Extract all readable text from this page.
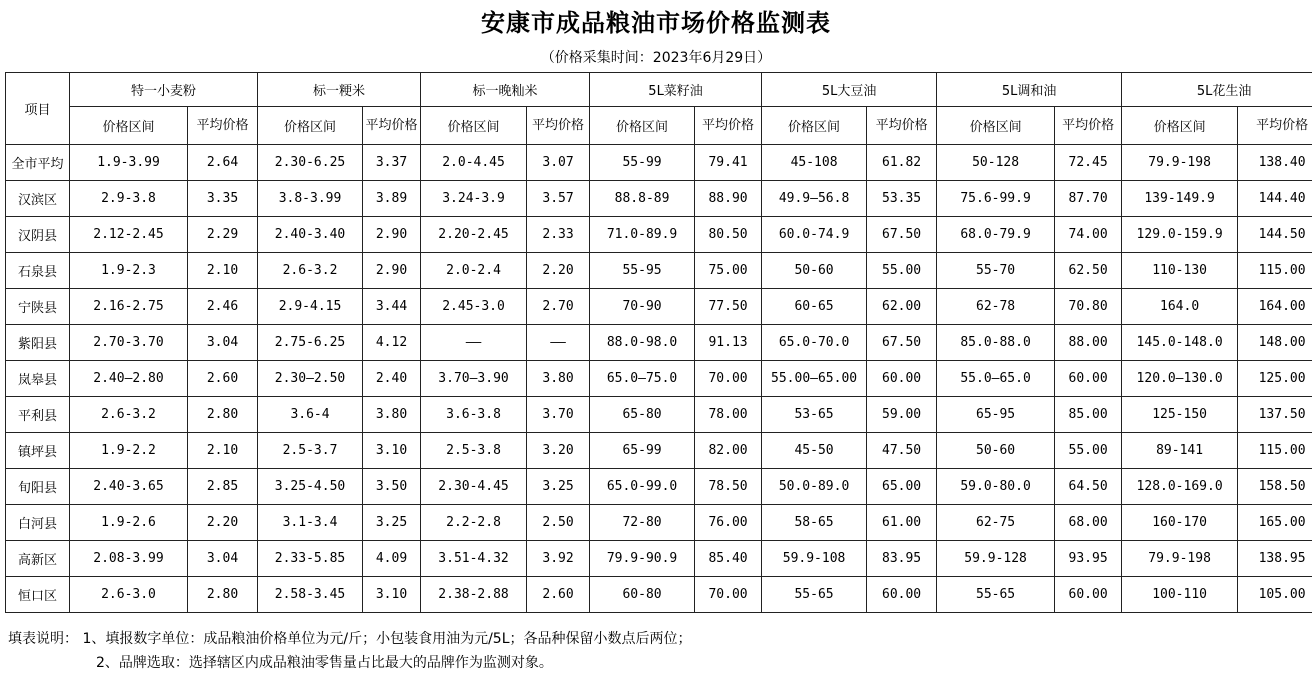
安康市成品粮油市场价格监测表
（价格采集时间：2023年6月29日）
项目	特一小麦粉		标一粳米		标一晚籼米		5L菜籽油		5L大豆油		5L调和油		5L花生油	
	价格区间	平均价格	价格区间	平均价格	价格区间	平均价格	价格区间	平均价格	价格区间	平均价格	价格区间	平均价格	价格区间	平均价格
全市平均	1.9-3.99	2.64	2.30-6.25	3.37	2.0-4.45	3.07	55-99	79.41	45-108	61.82	50-128	72.45	79.9-198	138.40
汉滨区	2.9-3.8	3.35	3.8-3.99	3.89	3.24-3.9	3.57	88.8-89	88.90	49.9—56.8	53.35	75.6-99.9	87.70	139-149.9	144.40
汉阴县	2.12-2.45	2.29	2.40-3.40	2.90	2.20-2.45	2.33	71.0-89.9	80.50	60.0-74.9	67.50	68.0-79.9	74.00	129.0-159.9	144.50
石泉县	1.9-2.3	2.10	2.6-3.2	2.90	2.0-2.4	2.20	55-95	75.00	50-60	55.00	55-70	62.50	110-130	115.00
宁陕县	2.16-2.75	2.46	2.9-4.15	3.44	2.45-3.0	2.70	70-90	77.50	60-65	62.00	62-78	70.80	164.0	164.00
紫阳县	2.70-3.70	3.04	2.75-6.25	4.12	——	——	88.0-98.0	91.13	65.0-70.0	67.50	85.0-88.0	88.00	145.0-148.0	148.00
岚皋县	2.40—2.80	2.60	2.30—2.50	2.40	3.70—3.90	3.80	65.0—75.0	70.00	55.00—65.00	60.00	55.0—65.0	60.00	120.0—130.0	125.00
平利县	2.6-3.2	2.80	3.6-4	3.80	3.6-3.8	3.70	65-80	78.00	53-65	59.00	65-95	85.00	125-150	137.50
镇坪县	1.9-2.2	2.10	2.5-3.7	3.10	2.5-3.8	3.20	65-99	82.00	45-50	47.50	50-60	55.00	89-141	115.00
旬阳县	2.40-3.65	2.85	3.25-4.50	3.50	2.30-4.45	3.25	65.0-99.0	78.50	50.0-89.0	65.00	59.0-80.0	64.50	128.0-169.0	158.50
白河县	1.9-2.6	2.20	3.1-3.4	3.25	2.2-2.8	2.50	72-80	76.00	58-65	61.00	62-75	68.00	160-170	165.00
高新区	2.08-3.99	3.04	2.33-5.85	4.09	3.51-4.32	3.92	79.9-90.9	85.40	59.9-108	83.95	59.9-128	93.95	79.9-198	138.95
恒口区	2.6-3.0	2.80	2.58-3.45	3.10	2.38-2.88	2.60	60-80	70.00	55-65	60.00	55-65	60.00	100-110	105.00
填表说明： 1、填报数字单位：成品粮油价格单位为元/斤；小包装食用油为元/5L；各品种保留小数点后两位；
2、品牌选取：选择辖区内成品粮油零售量占比最大的品牌作为监测对象。
